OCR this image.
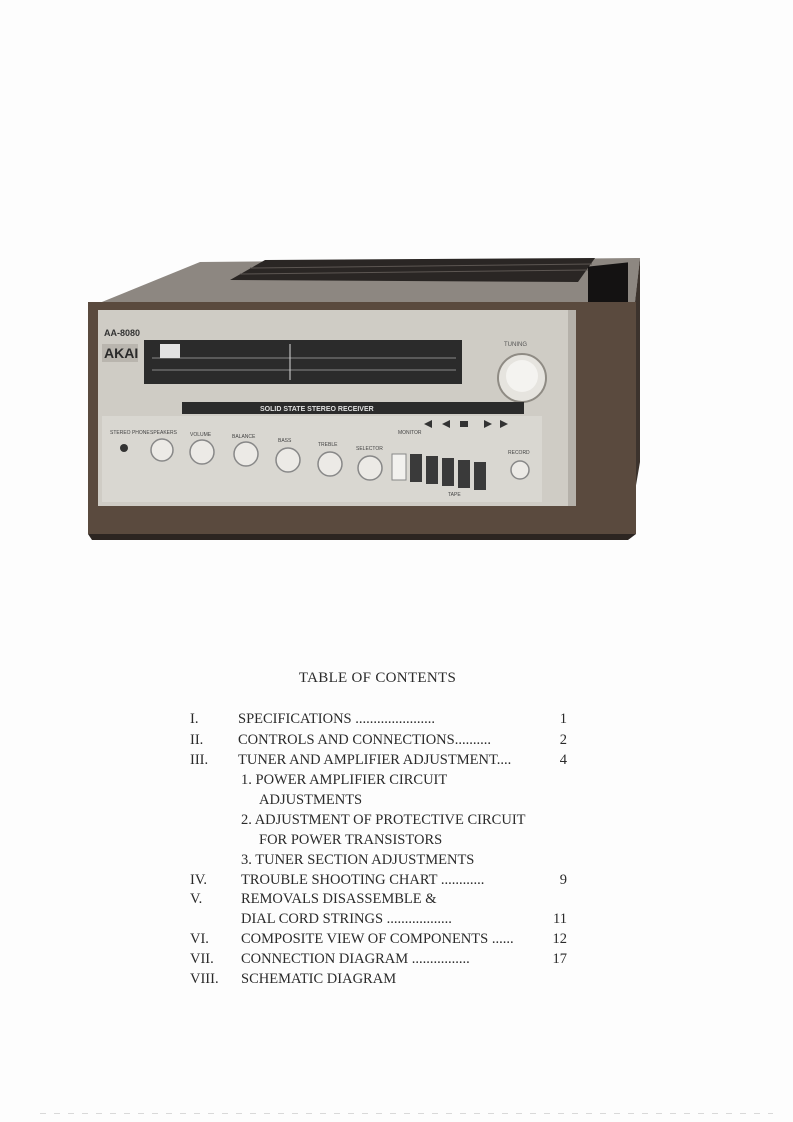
AA-8080
AKAI	TUNING
SOLID STATE STEREO RECEIVER
STEREO PHONE SPEAKERS	VOLUME	BALANCE
BASS
TREBLE
SELECTOR
MONITOR
RECORD
TAPE
TABLE OF CONTENTS
I.	SPECIFICATIONS ......................	1
II. CONTROLS AND CONNECTIONS..........	2
III. TUNER AND AMPLIFIER ADJUSTMENT....	4
1. POWER AMPLIFIER CIRCUIT
ADJUSTMENTS
2. ADJUSTMENT OF PROTECTIVE CIRCUIT
FOR POWER TRANSISTORS
3. TUNER SECTION ADJUSTMENTS
IV. TROUBLE SHOOTING CHART ............	9
V.	REMOVALS DISASSEMBLE &
DIAL CORD STRINGS ..................	11
VI. COMPOSITE VIEW OF COMPONENTS ......	12
VII. CONNECTION DIAGRAM ................	17
VIII. SCHEMATIC DIAGRAM
